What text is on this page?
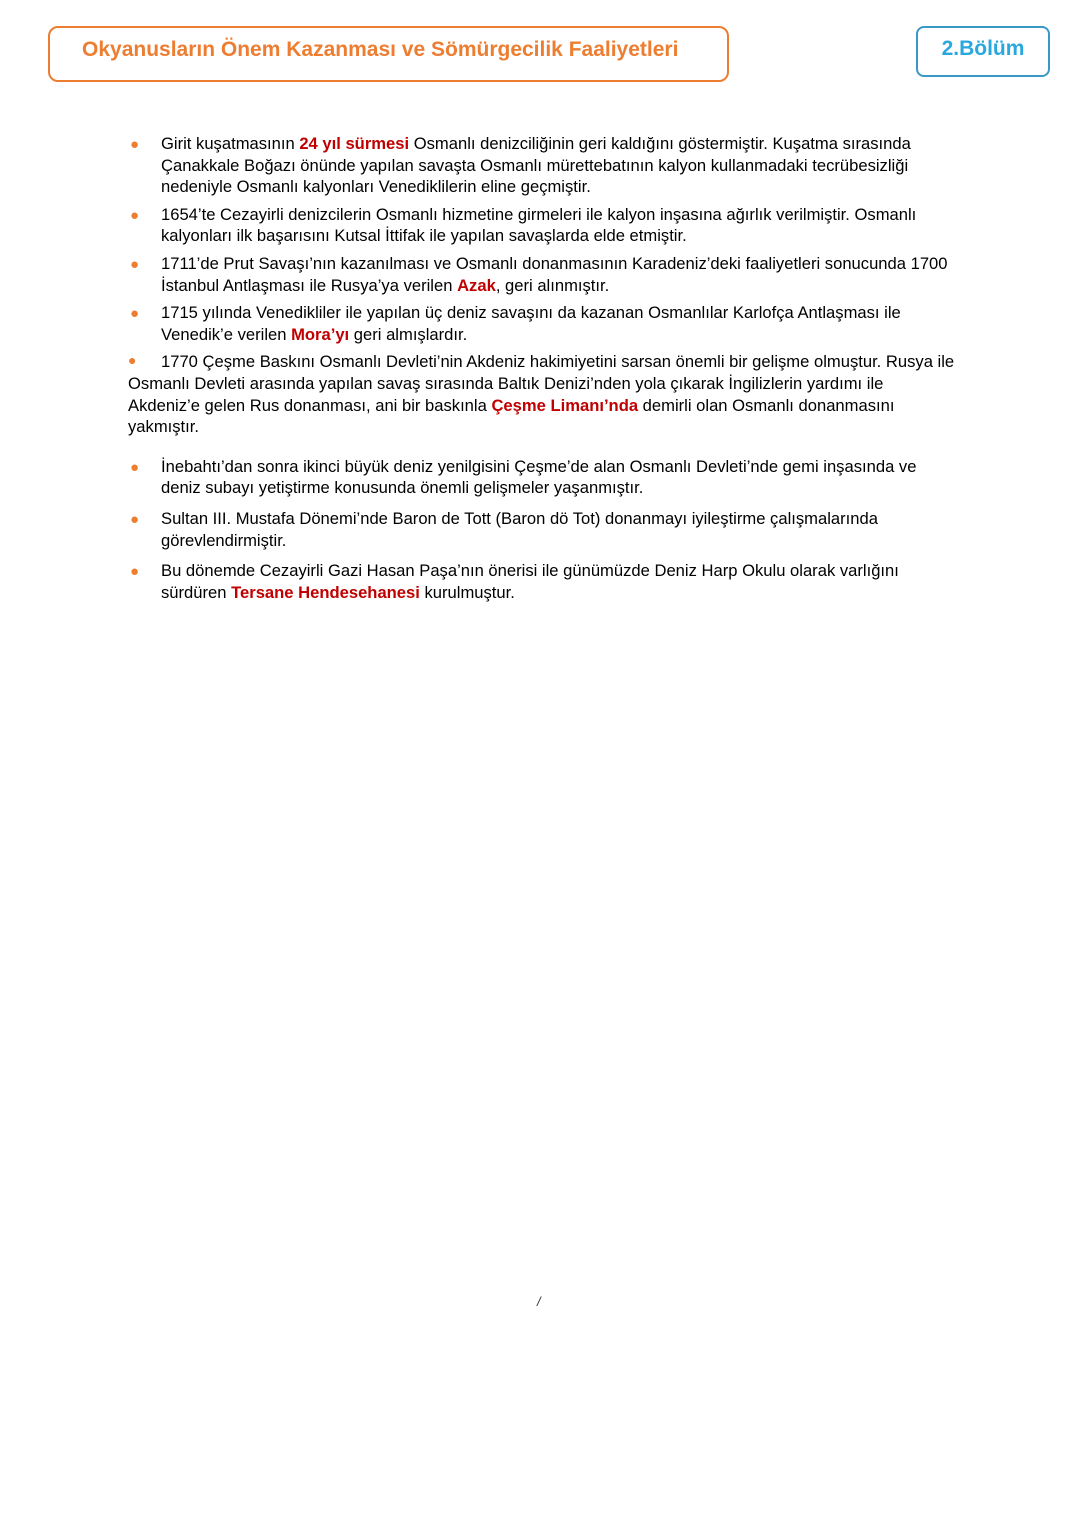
Okyanusların Önem Kazanması ve Sömürgecilik Faaliyetleri	2.Bölüm
● Girit kuşatmasının 24 yıl sürmesi Osmanlı denizciliğinin geri kaldığını göstermiştir. Kuşatma sırasında Çanakkale Boğazı önünde yapılan savaşta Osmanlı mürettebatının kalyon kullanmadaki tecrübesizliği nedeniyle Osmanlı kalyonları Venediklilerin eline geçmiştir.
● 1654’te Cezayirli denizcilerin Osmanlı hizmetine girmeleri ile kalyon inşasına ağırlık verilmiştir. Osmanlı kalyonları ilk başarısını Kutsal İttifak ile yapılan savaşlarda elde etmiştir.
● 1711’de Prut Savaşı’nın kazanılması ve Osmanlı donanmasının Karadeniz’deki faaliyetleri sonucunda 1700 İstanbul Antlaşması ile Rusya’ya verilen Azak, geri alınmıştır.
● 1715 yılında Venedikliler ile yapılan üç deniz savaşını da kazanan Osmanlılar Karlofça Antlaşması ile Venedik’e verilen Mora’yı geri almışlardır.
● 1770 Çeşme Baskını Osmanlı Devleti’nin Akdeniz hakimiyetini sarsan önemli bir gelişme olmuştur. Rusya ile Osmanlı Devleti arasında yapılan savaş sırasında Baltık Denizi’nden yola çıkarak İngilizlerin yardımı ile Akdeniz’e gelen Rus donanması, ani bir baskınla Çeşme Limanı’nda demirli olan Osmanlı donanmasını yakmıştır.
● İnebahtı’dan sonra ikinci büyük deniz yenilgisini Çeşme’de alan Osmanlı Devleti’nde gemi inşasında ve deniz subayı yetiştirme konusunda önemli gelişmeler yaşanmıştır.
● Sultan III. Mustafa Dönemi’nde Baron de Tott (Baron dö Tot) donanmayı iyileştirme çalışmalarında görevlendirmiştir.
● Bu dönemde Cezayirli Gazi Hasan Paşa’nın önerisi ile günümüzde Deniz Harp Okulu olarak varlığını sürdüren Tersane Hendesehanesi kurulmuştur.
/
